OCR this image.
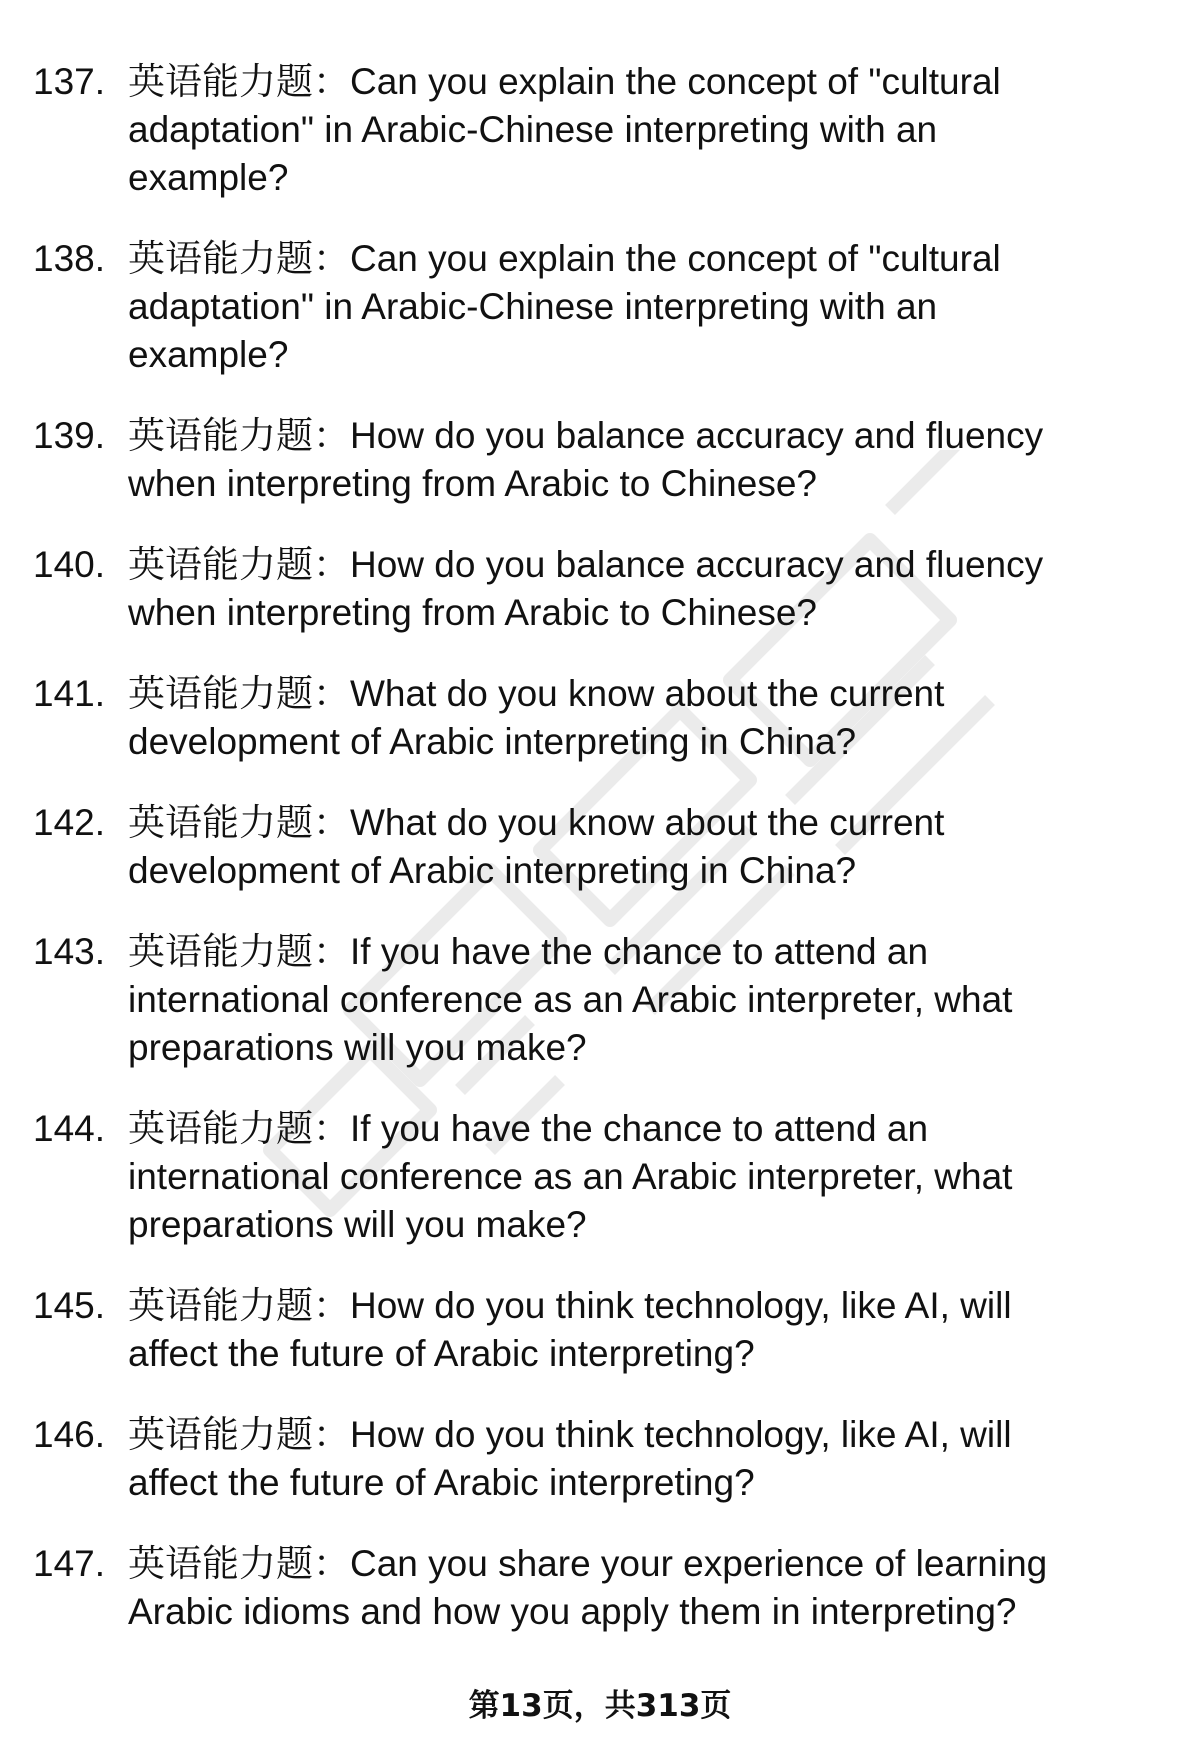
137. 英语能力题：Can you explain the concept of "cultural adaptation" in Arabic-Chinese interpreting with an example?
138. 英语能力题：Can you explain the concept of "cultural adaptation" in Arabic-Chinese interpreting with an example?
139. 英语能力题：How do you balance accuracy and fluency when interpreting from Arabic to Chinese?
140. 英语能力题：How do you balance accuracy and fluency when interpreting from Arabic to Chinese?
141. 英语能力题：What do you know about the current development of Arabic interpreting in China?
142. 英语能力题：What do you know about the current development of Arabic interpreting in China?
143. 英语能力题：If you have the chance to attend an international conference as an Arabic interpreter, what preparations will you make?
144. 英语能力题：If you have the chance to attend an international conference as an Arabic interpreter, what preparations will you make?
145. 英语能力题：How do you think technology, like AI, will affect the future of Arabic interpreting?
146. 英语能力题：How do you think technology, like AI, will affect the future of Arabic interpreting?
147. 英语能力题：Can you share your experience of learning Arabic idioms and how you apply them in interpreting?
第13页，共313页
